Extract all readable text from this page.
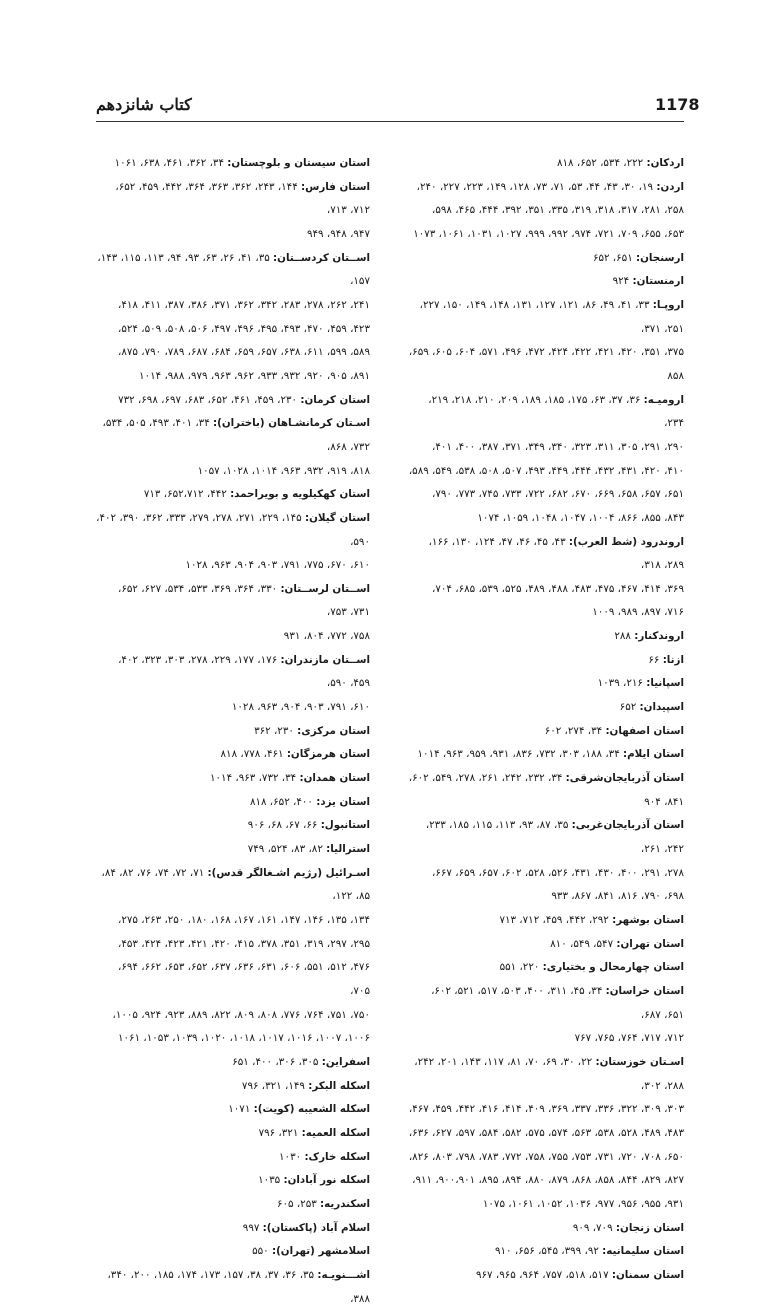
1178
کتاب شانزدهم
اردکان: ۲۲۲، ۵۳۴، ۶۵۲، ۸۱۸
اردن: ۱۹، ۳۰، ۴۳، ۴۴، ۵۳، ۷۱، ۷۳، ۱۲۸، ۱۴۹، ۲۲۳، ۲۲۷، ۲۴۰،
۲۵۸، ۲۸۱، ۳۱۷، ۳۱۸، ۳۱۹، ۳۳۵، ۳۵۱، ۳۹۲، ۴۴۴، ۴۶۵، ۵۹۸،
۶۵۳، ۶۵۵، ۷۰۹، ۷۲۱، ۹۷۴، ۹۹۲، ۹۹۹، ۱۰۲۷، ۱۰۳۱، ۱۰۶۱، ۱۰۷۳
ارسنجان: ۶۵۱، ۶۵۲
ارمنستان: ۹۲۴
اروپـا: ۳۳، ۴۱، ۴۹، ۸۶، ۱۲۱، ۱۲۷، ۱۳۱، ۱۴۸، ۱۴۹، ۱۵۰، ۲۲۷، ۲۵۱، ۳۷۱،
۳۷۵، ۳۵۱، ۴۲۰، ۴۲۱، ۴۲۲، ۴۲۴، ۴۷۲، ۴۹۶، ۵۷۱، ۶۰۴، ۶۰۵، ۶۵۹، ۸۵۸
ارومیـه: ۳۶، ۳۷، ۶۳، ۱۷۵، ۱۸۵، ۱۸۹، ۲۰۹، ۲۱۰، ۲۱۸، ۲۱۹، ۲۳۴،
۲۹۰، ۲۹۱، ۳۰۵، ۳۱۱، ۳۲۳، ۳۴۰، ۳۴۹، ۳۷۱، ۳۸۷، ۴۰۰، ۴۰۱،
۴۱۰، ۴۲۰، ۴۳۱، ۴۳۲، ۴۴۴، ۴۴۹، ۴۹۳، ۵۰۷، ۵۰۸، ۵۳۸، ۵۴۹، ۵۸۹،
۶۵۱، ۶۵۷، ۶۵۸، ۶۶۹، ۶۷۰، ۶۸۲، ۷۲۲، ۷۳۳، ۷۴۵، ۷۷۳، ۷۹۰،
۸۴۳، ۸۵۵، ۸۶۶، ۱۰۰۴، ۱۰۴۷، ۱۰۴۸، ۱۰۵۹، ۱۰۷۴
اروندرود (شط العرب): ۴۳، ۴۵، ۴۶، ۴۷، ۱۲۴، ۱۳۰، ۱۶۶، ۲۸۹، ۳۱۸،
۳۶۹، ۴۱۴، ۴۶۷، ۴۷۵، ۴۸۳، ۴۸۸، ۴۸۹، ۵۲۵، ۵۳۹، ۶۸۵، ۷۰۴،
۷۱۶، ۸۹۷، ۹۸۹، ۱۰۰۹
اروندکنار: ۲۸۸
ازنا: ۶۶
اسپانیا: ۲۱۶، ۱۰۳۹
اسپیدان: ۶۵۲
استان اصفهان: ۳۴، ۲۷۴، ۶۰۲
استان ایلام: ۳۴، ۱۸۸، ۳۰۳، ۷۳۲، ۸۳۶، ۹۳۱، ۹۵۹، ۹۶۳، ۱۰۱۴
استان آذربایجان‌شرقی: ۳۴، ۲۳۲، ۲۴۲، ۲۶۱، ۲۷۸، ۵۴۹، ۶۰۲، ۸۴۱، ۹۰۴
استان آذربایجان‌غربی: ۳۵، ۸۷، ۹۳، ۱۱۳، ۱۱۵، ۱۸۵، ۲۳۳، ۲۴۲، ۲۶۱،
۲۷۸، ۲۹۱، ۴۰۰، ۴۳۰، ۴۳۱، ۵۲۶، ۵۲۸، ۶۰۲، ۶۵۷، ۶۵۹، ۶۶۷،
۶۹۸، ۷۹۰، ۸۱۶، ۸۴۱، ۸۶۷، ۹۳۳
استان بوشهر: ۲۹۲، ۴۴۲، ۴۵۹، ۷۱۲، ۷۱۳
استان تهران: ۵۴۷، ۵۴۹، ۸۱۰
استان چهارمحال و بختیاری: ۲۲۰، ۵۵۱
استان خراسان: ۳۴، ۴۵، ۳۱۱، ۴۰۰، ۵۰۳، ۵۱۷، ۵۲۱، ۶۰۲، ۶۵۱، ۶۸۷،
۷۱۲، ۷۱۷، ۷۶۴، ۷۶۵، ۷۶۷
اسـتان خوزستان: ۲۲، ۳۰، ۶۹، ۷۰، ۸۱، ۱۱۷، ۱۴۳، ۲۰۱، ۲۴۲، ۲۸۸، ۳۰۲،
۳۰۳، ۳۰۹، ۳۲۲، ۳۳۶، ۳۳۷، ۳۶۹، ۴۰۹، ۴۱۴، ۴۱۶، ۴۴۲، ۴۵۹، ۴۶۷،
۴۸۳، ۴۸۹، ۵۲۸، ۵۳۸، ۵۶۳، ۵۷۴، ۵۷۵، ۵۸۲، ۵۸۴، ۵۹۷، ۶۲۷، ۶۳۶،
۶۵۰، ۷۰۸، ۷۲۰، ۷۳۱، ۷۵۳، ۷۵۵، ۷۵۸، ۷۷۲، ۷۸۳، ۷۹۸، ۸۰۳، ۸۲۶،
۸۲۷، ۸۲۹، ۸۴۴، ۸۵۸، ۸۶۸، ۸۷۹، ۸۸۰، ۸۹۴، ۸۹۵، ۹۰۰،۹۰۱، ۹۱۱،
۹۳۱، ۹۵۵، ۹۵۶، ۹۷۷، ۱۰۳۶، ۱۰۵۲، ۱۰۶۱، ۱۰۷۵
استان زنجان: ۷۰۹، ۹۰۹
استان سلیمانیه: ۹۲، ۳۹۹، ۵۴۵، ۶۵۶، ۹۱۰
استان سمنان: ۵۱۷، ۵۱۸، ۷۵۷، ۹۶۴، ۹۶۵، ۹۶۷
استان سیستان و بلوچستان: ۳۴، ۳۶۲، ۴۶۱، ۶۳۸، ۱۰۶۱
استان فارس: ۱۴۴، ۲۴۳، ۳۶۲، ۳۶۳، ۳۶۴، ۴۴۲، ۴۵۹، ۶۵۲، ۷۱۲، ۷۱۳،
۹۴۷، ۹۴۸، ۹۴۹
اســتان کردســتان: ۳۵، ۴۱، ۲۶، ۶۳، ۹۳، ۹۴، ۱۱۳، ۱۱۵، ۱۴۳، ۱۵۷،
۲۴۱، ۲۶۲، ۲۷۸، ۲۸۳، ۳۴۲، ۳۶۲، ۳۷۱، ۳۸۶، ۳۸۷، ۴۱۱، ۴۱۸،
۴۲۳، ۴۵۹، ۴۷۰، ۴۹۳، ۴۹۵، ۴۹۶، ۴۹۷، ۵۰۶، ۵۰۸، ۵۰۹، ۵۲۴،
۵۸۹، ۵۹۹، ۶۱۱، ۶۳۸، ۶۵۷، ۶۵۹، ۶۸۴، ۶۸۷، ۷۸۹، ۷۹۰، ۸۷۵،
۸۹۱، ۹۰۵، ۹۲۰، ۹۳۲، ۹۳۳، ۹۶۲، ۹۶۳، ۹۷۹، ۹۸۸، ۱۰۱۴
استان کرمان: ۲۳۰، ۴۵۹، ۴۶۱، ۶۵۲، ۶۸۳، ۶۹۷، ۶۹۸، ۷۳۲
اسـتان کرمانشـاهان (باختران): ۳۴، ۴۰۱، ۴۹۳، ۵۰۵، ۵۳۴، ۷۳۲، ۸۶۸،
۸۱۸، ۹۱۹، ۹۳۲، ۹۶۳، ۱۰۱۴، ۱۰۲۸، ۱۰۵۷
استان کهکیلویه و بویراحمد: ۴۴۲، ۶۵۲،۷۱۲، ۷۱۳
استان گیلان: ۱۴۵، ۲۲۹، ۲۷۱، ۲۷۸، ۲۷۹، ۳۳۳، ۳۶۲، ۳۹۰، ۴۰۲، ۵۹۰،
۶۱۰، ۶۷۰، ۷۷۵، ۷۹۱، ۹۰۳، ۹۰۴، ۹۶۳، ۱۰۲۸
اســتان لرســتان: ۳۳۰، ۳۶۴، ۳۶۹، ۵۳۳، ۵۳۴، ۶۲۷، ۶۵۲، ۷۳۱، ۷۵۳،
۷۵۸، ۷۷۲، ۸۰۴، ۹۳۱
اســتان مازندران: ۱۷۶، ۱۷۷، ۲۲۹، ۲۷۸، ۳۰۳، ۳۲۳، ۴۰۲، ۴۵۹، ۵۹۰،
۶۱۰، ۷۹۱، ۹۰۳، ۹۰۴، ۹۶۳، ۱۰۲۸
استان مرکزی: ۲۳۰، ۳۶۲
استان هرمزگان: ۴۶۱، ۷۷۸، ۸۱۸
استان همدان: ۳۴، ۷۳۲، ۹۶۳، ۱۰۱۴
استان یزد: ۴۰۰، ۶۵۲، ۸۱۸
استانبول: ۶۶، ۶۷، ۶۸، ۹۰۶
استرالیا: ۸۲، ۸۳، ۵۲۴، ۷۴۹
اسـرائیل (رژیم اشـغالگر قدس): ۷۱، ۷۲، ۷۴، ۷۶، ۸۲، ۸۴، ۸۵، ۱۲۲،
۱۳۴، ۱۳۵، ۱۴۶، ۱۴۷، ۱۶۱، ۱۶۷، ۱۶۸، ۱۸۰، ۲۵۰، ۲۶۳، ۲۷۵،
۲۹۵، ۲۹۷، ۳۱۹، ۳۵۱، ۳۷۸، ۴۱۵، ۴۲۰، ۴۲۱، ۴۲۳، ۴۲۴، ۴۵۳،
۴۷۶، ۵۱۲، ۵۵۱، ۶۰۶، ۶۳۱، ۶۳۶، ۶۳۷، ۶۵۲، ۶۵۳، ۶۶۲، ۶۹۴، ۷۰۵،
۷۵۰، ۷۵۱، ۷۶۴، ۷۷۶، ۸۰۸، ۸۰۹، ۸۲۲، ۸۸۹، ۹۲۳، ۹۲۴، ۱۰۰۵،
۱۰۰۶، ۱۰۰۷، ۱۰۱۶، ۱۰۱۷، ۱۰۱۸، ۱۰۲۰، ۱۰۳۹، ۱۰۵۳، ۱۰۶۱
اسفراین: ۳۰۵، ۳۰۶، ۴۰۰، ۶۵۱
اسکله البکر: ۱۴۹، ۳۲۱، ۷۹۶
اسکله الشعیبه (کویت): ۱۰۷۱
اسکله العمیه: ۳۲۱، ۷۹۶
اسکله خارک: ۱۰۳۰
اسکله نور آبادان: ۱۰۳۵
اسکندریه: ۲۵۳، ۶۰۵
اسلام آباد (پاکستان): ۹۹۷
اسلامشهر (تهران): ۵۵۰
اشـــنویـه: ۳۵، ۳۶، ۳۷، ۳۸، ۱۵۷، ۱۷۳، ۱۷۴، ۱۸۵، ۲۰۰، ۳۴۰، ۳۸۸،
